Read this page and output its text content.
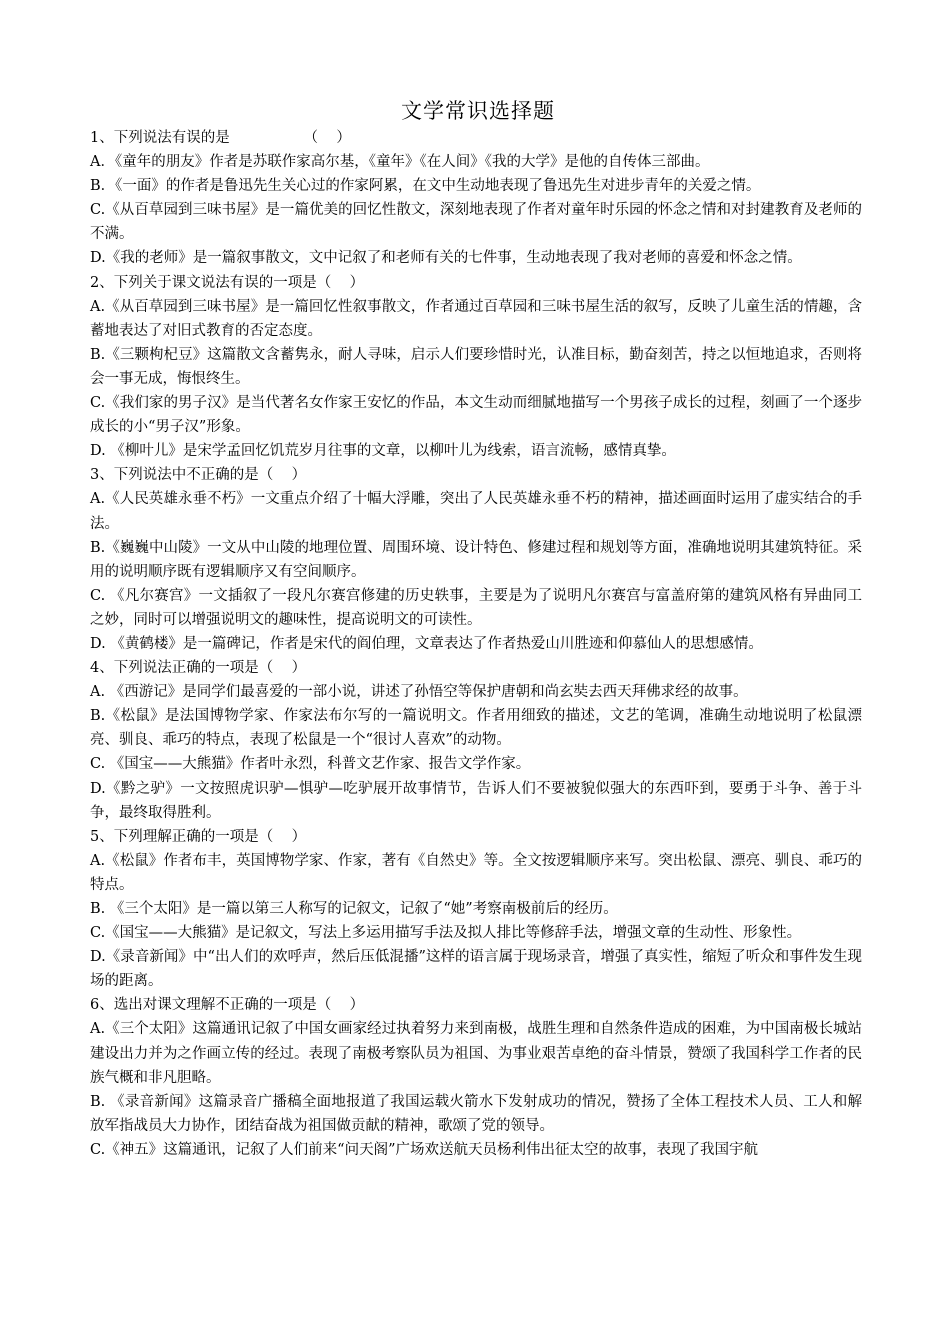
文学常识选择题
1、下列说法有误的是                （    ）
A．《童年的朋友》作者是苏联作家高尔基，《童年》《在人间》《我的大学》是他的自传体三部曲。
B．《一面》的作者是鲁迅先生关心过的作家阿累，在文中生动地表现了鲁迅先生对进步青年的关爱之情。
C.《从百草园到三味书屋》是一篇优美的回忆性散文，深刻地表现了作者对童年时乐园的怀念之情和对封建教育及老师的不满。
D.《我的老师》是一篇叙事散文，文中记叙了和老师有关的七件事，生动地表现了我对老师的喜爱和怀念之情。
2、下列关于课文说法有误的一项是（    ）
A.《从百草园到三味书屋》是一篇回忆性叙事散文，作者通过百草园和三味书屋生活的叙写，反映了儿童生活的情趣，含蓄地表达了对旧式教育的否定态度。
B.《三颗枸杞豆》这篇散文含蓄隽永，耐人寻味，启示人们要珍惜时光，认准目标，勤奋刻苦，持之以恒地追求，否则将会一事无成，悔恨终生。
C.《我们家的男子汉》是当代著名女作家王安忆的作品，本文生动而细腻地描写一个男孩子成长的过程，刻画了一个逐步成长的小“男子汉”形象。
D. 《柳叶儿》是宋学孟回忆饥荒岁月往事的文章，以柳叶儿为线索，语言流畅，感情真挚。
3、下列说法中不正确的是（    ）
A.《人民英雄永垂不朽》一文重点介绍了十幅大浮雕，突出了人民英雄永垂不朽的精神，描述画面时运用了虚实结合的手法。
B.《巍巍中山陵》一文从中山陵的地理位置、周围环境、设计特色、修建过程和规划等方面，准确地说明其建筑特征。采用的说明顺序既有逻辑顺序又有空间顺序。
C. 《凡尔赛宫》一文插叙了一段凡尔赛宫修建的历史轶事，主要是为了说明凡尔赛宫与富盖府第的建筑风格有异曲同工之妙，同时可以增强说明文的趣味性，提高说明文的可读性。
D. 《黄鹤楼》是一篇碑记，作者是宋代的阎伯理，文章表达了作者热爱山川胜迹和仰慕仙人的思想感情。
4、下列说法正确的一项是（    ）
A. 《西游记》是同学们最喜爱的一部小说，讲述了孙悟空等保护唐朝和尚玄奘去西天拜佛求经的故事。
B.《松鼠》是法国博物学家、作家法布尔写的一篇说明文。作者用细致的描述，文艺的笔调，准确生动地说明了松鼠漂亮、驯良、乖巧的特点，表现了松鼠是一个“很讨人喜欢”的动物。
C. 《国宝——大熊猫》作者叶永烈，科普文艺作家、报告文学作家。
D.《黔之驴》一文按照虎识驴—惧驴—吃驴展开故事情节，告诉人们不要被貌似强大的东西吓到，要勇于斗争、善于斗争，最终取得胜利。
5、下列理解正确的一项是（    ）
A.《松鼠》作者布丰，英国博物学家、作家，著有《自然史》等。全文按逻辑顺序来写。突出松鼠、漂亮、驯良、乖巧的特点。
B. 《三个太阳》是一篇以第三人称写的记叙文，记叙了“她”考察南极前后的经历。
C.《国宝——大熊猫》是记叙文，写法上多运用描写手法及拟人排比等修辞手法，增强文章的生动性、形象性。
D.《录音新闻》中“出人们的欢呼声，然后压低混播”这样的语言属于现场录音，增强了真实性，缩短了听众和事件发生现场的距离。
6、选出对课文理解不正确的一项是（    ）
A.《三个太阳》这篇通讯记叙了中国女画家经过执着努力来到南极，战胜生理和自然条件造成的困难，为中国南极长城站建设出力并为之作画立传的经过。表现了南极考察队员为祖国、为事业艰苦卓绝的奋斗情景，赞颂了我国科学工作者的民族气概和非凡胆略。
B. 《录音新闻》这篇录音广播稿全面地报道了我国运载火箭水下发射成功的情况，赞扬了全体工程技术人员、工人和解放军指战员大力协作，团结奋战为祖国做贡献的精神，歌颂了党的领导。
C.《神五》这篇通讯，记叙了人们前来“问天阁”广场欢送航天员杨利伟出征太空的故事，表现了我国宇航
